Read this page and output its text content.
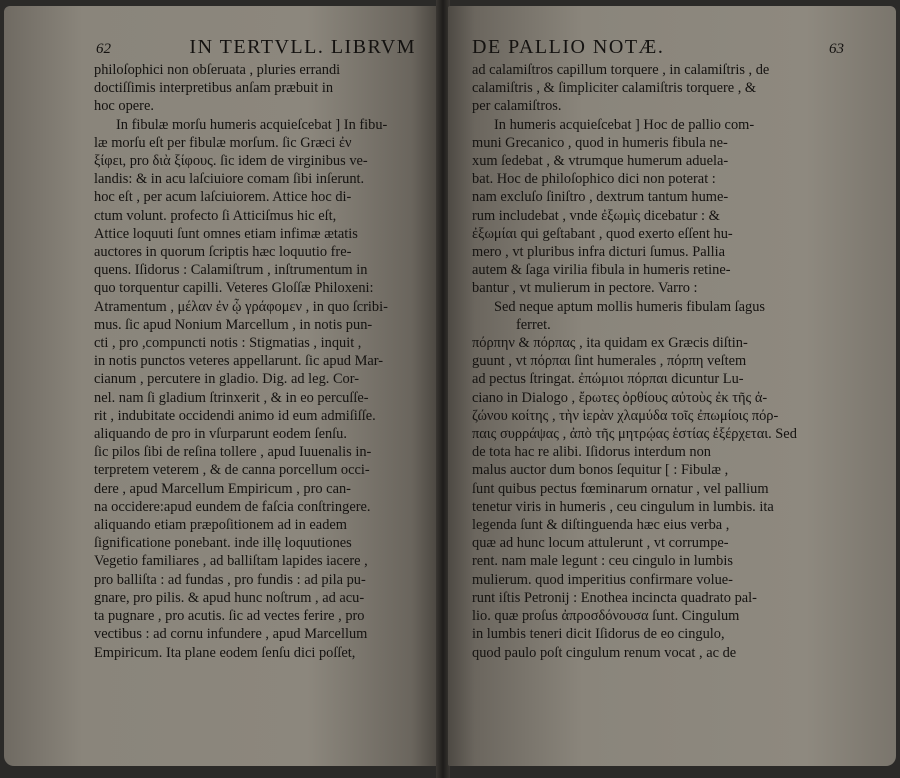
62	IN TERTVLL. LIBRVM
philoſophici non obſeruata , pluries errandi
doctiſſimis interpretibus anſam præbuit in
hoc opere.
In fibulæ morſu humeris acquieſcebat ] In fibu-
læ morſu eſt per fibulæ morſum. ſic Græci ἐν
ξίφει, pro διὰ ξίφους. ſic idem de virginibus ve-
landis: & in acu laſciuiore comam ſibi inſerunt.
hoc eſt , per acum laſciuiorem. Attice hoc di-
ctum volunt. profecto ſi Atticiſmus hic eſt,
Attice loquuti ſunt omnes etiam infimæ ætatis
auctores in quorum ſcriptis hæc loquutio fre-
quens. Iſidorus : Calamiſtrum , inſtrumentum in
quo torquentur capilli. Veteres Gloſſæ Philoxeni:
Atramentum , μέλαν ἐν ᾧ γράφομεν , in quo ſcribi-
mus. ſic apud Nonium Marcellum , in notis pun-
cti , pro ,compuncti notis : Stigmatias , inquit ,
in notis punctos veteres appellarunt. ſic apud Mar-
cianum , percutere in gladio. Dig. ad leg. Cor-
nel. nam ſi gladium ſtrinxerit , & in eo percuſſe-
rit , indubitate occidendi animo id eum admiſiſſe.
aliquando de pro in vſurparunt eodem ſenſu.
ſic pilos ſibi de reſina tollere , apud Iuuenalis in-
terpretem veterem , & de canna porcellum occi-
dere , apud Marcellum Empiricum , pro can-
na occidere:apud eundem de faſcia conſtringere.
aliquando etiam præpoſitionem ad in eadem
ſignificatione ponebant. inde illę loquutiones
Vegetio familiares , ad balliſtam lapides iacere ,
pro balliſta : ad fundas , pro fundis : ad pila pu-
gnare, pro pilis. & apud hunc noſtrum , ad acu-
ta pugnare , pro acutis. ſic ad vectes ferire , pro
vectibus : ad cornu infundere , apud Marcellum
Empiricum. Ita plane eodem ſenſu dici poſſet,
DE PALLIO NOTÆ.	63
ad calamiſtros capillum torquere , in calamiſtris , de
calamiſtris , & ſimpliciter calamiſtris torquere , &
per calamiſtros.
In humeris acquieſcebat ] Hoc de pallio com-
muni Grecanico , quod in humeris fibula ne-
xum ſedebat , & vtrumque humerum aduela-
bat. Hoc de philoſophico dici non poterat :
nam excluſo ſiniſtro , dextrum tantum hume-
rum includebat , vnde ἐξωμὶς dicebatur : &
ἐξωμίαι qui geſtabant , quod exerto eſſent hu-
mero , vt pluribus infra dicturi ſumus. Pallia
autem & ſaga virilia fibula in humeris retine-
bantur , vt mulierum in pectore. Varro :
Sed neque aptum mollis humeris fibulam ſagus
ferret.
πόρπην & πόρπας , ita quidam ex Græcis diſtin-
guunt , vt πόρπαι ſint humerales , πόρπη veſtem
ad pectus ſtringat. ἐπώμιοι πόρπαι dicuntur Lu-
ciano in Dialogo , ἔρωτες ὀρθίους αὐτοὺς ἐκ τῆς ἀ-
ζώνου κοίτης , τὴν ἱερὰν χλαμύδα τοῖς ἐπωμίοις πόρ-
παις συρράψας , ἀπὸ τῆς μητρῴας ἑστίας ἐξέρχεται. Sed
de tota hac re alibi. Iſidorus interdum non
malus auctor dum bonos ſequitur [ : Fibulæ ,
ſunt quibus pectus fœminarum ornatur , vel pallium
tenetur viris in humeris , ceu cingulum in lumbis. ita
legenda ſunt & diſtinguenda hæc eius verba ,
quæ ad hunc locum attulerunt , vt corrumpe-
rent. nam male legunt : ceu cingulo in lumbis
mulierum. quod imperitius confirmare volue-
runt iſtis Petronij : Enothea incincta quadrato pal-
lio. quæ proſus ἀπροσδόνουσα ſunt. Cingulum
in lumbis teneri dicit Iſidorus de eo cingulo,
quod paulo poſt cingulum renum vocat , ac de
